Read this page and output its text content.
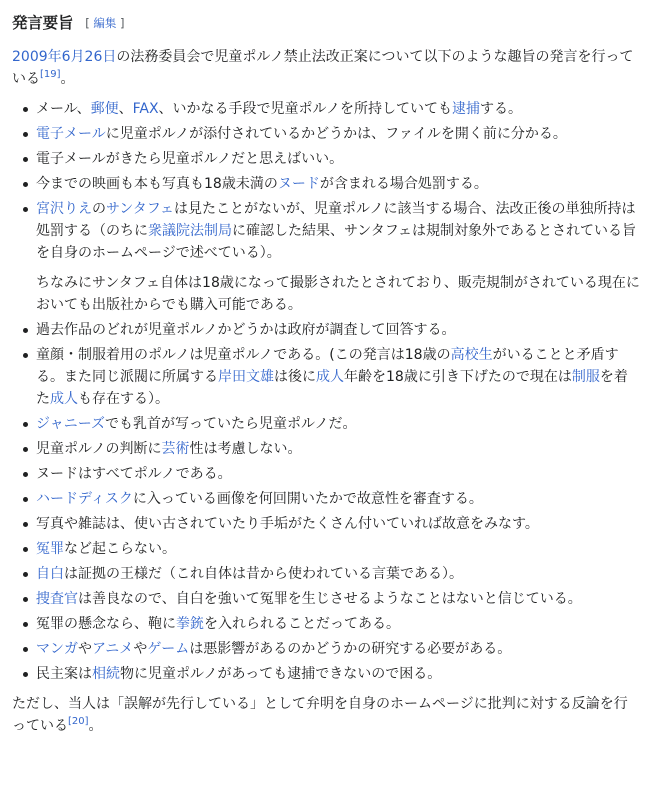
発言要旨 [ 編集 ]

2009年6月26日の法務委員会で児童ポルノ禁止法改正案について以下のような趣旨の発言を行っている[19]。

メール、郵便、FAX、いかなる手段で児童ポルノを所持していても逮捕する。
電子メールに児童ポルノが添付されているかどうかは、ファイルを開く前に分かる。
電子メールがきたら児童ポルノだと思えばいい。
今までの映画も本も写真も18歳未満のヌードが含まれる場合処罰する。
宮沢りえのサンタフェは見たことがないが、児童ポルノに該当する場合、法改正後の単独所持は処罰する（のちに衆議院法制局に確認した結果、サンタフェは規制対象外であるとされている旨を自身のホームページで述べている）。

ちなみにサンタフェ自体は18歳になって撮影されたとされており、販売規制がされている現在においても出版社からでも購入可能である。

過去作品のどれが児童ポルノかどうかは政府が調査して回答する。
童顔・制服着用のポルノは児童ポルノである。(この発言は18歳の高校生がいることと矛盾する。また同じ派閥に所属する岸田文雄は後に成人年齢を18歳に引き下げたので現在は制服を着た成人も存在する）。
ジャニーズでも乳首が写っていたら児童ポルノだ。
児童ポルノの判断に芸術性は考慮しない。
ヌードはすべてポルノである。
ハードディスクに入っている画像を何回開いたかで故意性を審査する。
写真や雑誌は、使い古されていたり手垢がたくさん付いていれば故意をみなす。
冤罪など起こらない。
自白は証拠の王様だ（これ自体は昔から使われている言葉である）。
捜査官は善良なので、自白を強いて冤罪を生じさせるようなことはないと信じている。
冤罪の懸念なら、鞄に拳銃を入れられることだってある。
マンガやアニメやゲームは悪影響があるのかどうかの研究する必要がある。
民主案は相続物に児童ポルノがあっても逮捕できないので困る。

ただし、当人は「誤解が先行している」として弁明を自身のホームページに批判に対する反論を行っている[20]。
